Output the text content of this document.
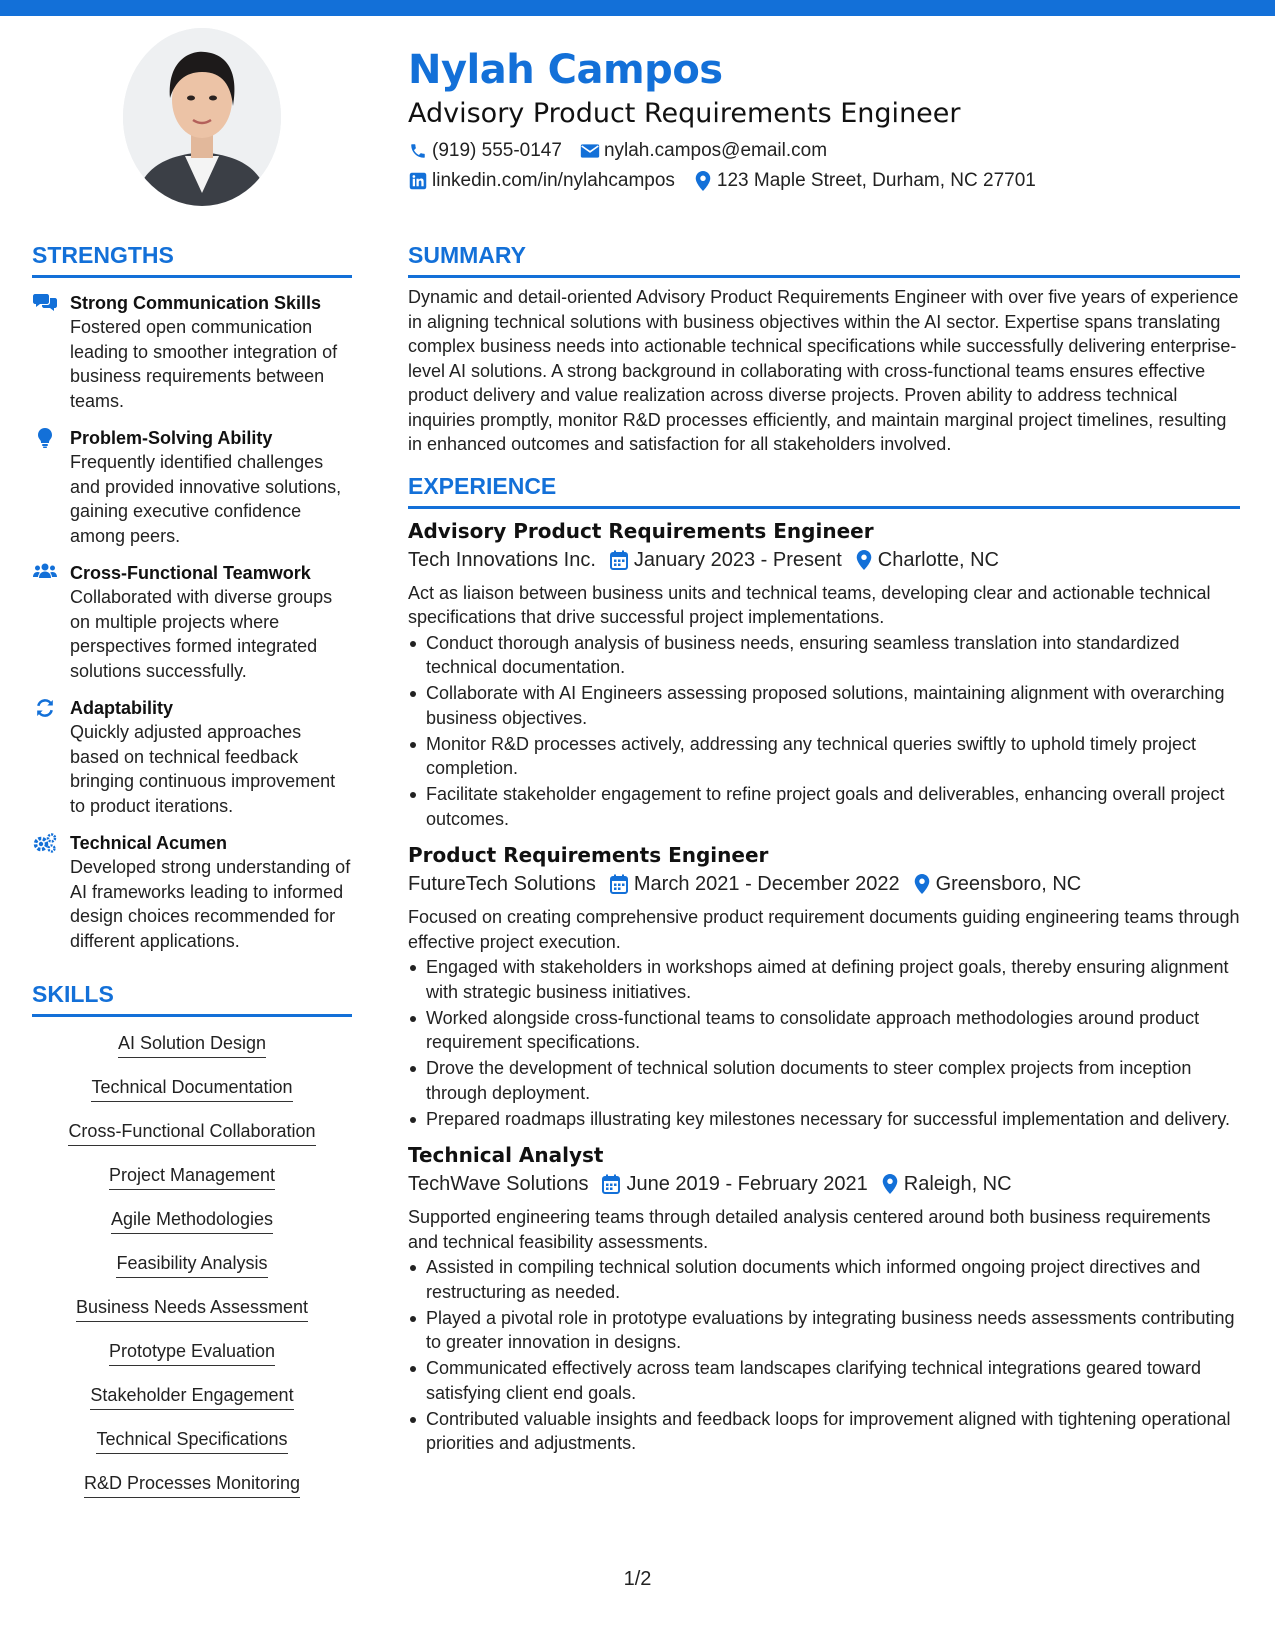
Nylah Campos
Advisory Product Requirements Engineer
(919) 555-0147 nylah.campos@email.com
linkedin.com/in/nylahcampos 123 Maple Street, Durham, NC 27701
STRENGTHS
Strong Communication Skills
Fostered open communication leading to smoother integration of business requirements between teams.
Problem-Solving Ability
Frequently identified challenges and provided innovative solutions, gaining executive confidence among peers.
Cross-Functional Teamwork
Collaborated with diverse groups on multiple projects where perspectives formed integrated solutions successfully.
Adaptability
Quickly adjusted approaches based on technical feedback bringing continuous improvement to product iterations.
Technical Acumen
Developed strong understanding of AI frameworks leading to informed design choices recommended for different applications.
SKILLS
AI Solution Design
Technical Documentation
Cross-Functional Collaboration
Project Management
Agile Methodologies
Feasibility Analysis
Business Needs Assessment
Prototype Evaluation
Stakeholder Engagement
Technical Specifications
R&D Processes Monitoring
SUMMARY
Dynamic and detail-oriented Advisory Product Requirements Engineer with over five years of experience in aligning technical solutions with business objectives within the AI sector. Expertise spans translating complex business needs into actionable technical specifications while successfully delivering enterprise-level AI solutions. A strong background in collaborating with cross-functional teams ensures effective product delivery and value realization across diverse projects. Proven ability to address technical inquiries promptly, monitor R&D processes efficiently, and maintain marginal project timelines, resulting in enhanced outcomes and satisfaction for all stakeholders involved.
EXPERIENCE
Advisory Product Requirements Engineer
Tech Innovations Inc. January 2023 - Present Charlotte, NC
Act as liaison between business units and technical teams, developing clear and actionable technical specifications that drive successful project implementations.
Conduct thorough analysis of business needs, ensuring seamless translation into standardized technical documentation.
Collaborate with AI Engineers assessing proposed solutions, maintaining alignment with overarching business objectives.
Monitor R&D processes actively, addressing any technical queries swiftly to uphold timely project completion.
Facilitate stakeholder engagement to refine project goals and deliverables, enhancing overall project outcomes.
Product Requirements Engineer
FutureTech Solutions March 2021 - December 2022 Greensboro, NC
Focused on creating comprehensive product requirement documents guiding engineering teams through effective project execution.
Engaged with stakeholders in workshops aimed at defining project goals, thereby ensuring alignment with strategic business initiatives.
Worked alongside cross-functional teams to consolidate approach methodologies around product requirement specifications.
Drove the development of technical solution documents to steer complex projects from inception through deployment.
Prepared roadmaps illustrating key milestones necessary for successful implementation and delivery.
Technical Analyst
TechWave Solutions June 2019 - February 2021 Raleigh, NC
Supported engineering teams through detailed analysis centered around both business requirements and technical feasibility assessments.
Assisted in compiling technical solution documents which informed ongoing project directives and restructuring as needed.
Played a pivotal role in prototype evaluations by integrating business needs assessments contributing to greater innovation in designs.
Communicated effectively across team landscapes clarifying technical integrations geared toward satisfying client end goals.
Contributed valuable insights and feedback loops for improvement aligned with tightening operational priorities and adjustments.
1/2
